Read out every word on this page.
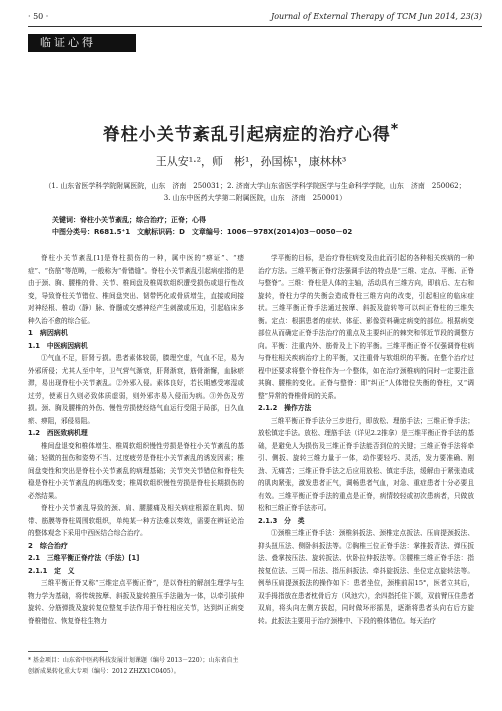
· 50 ·	Journal of External Therapy of TCM Jun 2014, 23(3)
临证心得
脊柱小关节紊乱引起病症的治疗心得*
王从安¹·²，师　彬¹，孙国栋¹，康林林³
（1. 山东省医学科学院附属医院，山东　济南　250031；2. 济南大学山东省医学科学院医学与生命科学学院，山东　济南　250062；
3. 山东中医药大学第二附属医院，山东　济南　250001）
关键词：脊柱小关节紊乱；综合治疗；正脊；心得
中图分类号：R681.5⁺1　文献标识码：D　文章编号：1006－978X(2014)03－0050－02

脊柱小关节紊乱[1]是脊柱损伤的一种，属中医的“痹证”、“痿症”、“伤筋”等范畴，一般称为“骨错缝”。脊柱小关节紊乱引起病症指的是由于颈、胸、腰椎的骨、关节、椎间盘及椎周软组织遭受损伤或退行性改变，导致脊柱关节错位、椎间盘突出、韧带钙化或骨质增生，直接或间接对神经根、椎动（静）脉、脊髓或交感神经产生刺激或压迫，引起临床多种久治不愈的综合征。

1　病因病机
1.1　中医病因病机

①气血不足，肝肾亏损。患者素体较弱，腠理空虚，气血不足，易为外邪所侵；尤其人至中年，卫气营气渐衰，肝肾渐衰，筋骨渐懈，血脉瘀滞，易出现脊柱小关节紊乱。②外邪入侵。素体良好，若长期感受寒湿或过劳，使素日久则必致体质虚弱，则外邪亦易入侵而为病。③外伤及劳损。颈、胸及腰椎的外伤、慢性劳损使经络气血运行受阻于局部，日久血瘀、痹阻，邪侵易阻。

1.2　西医致病机理

椎间盘退变和椎体增生、椎周软组织慢性劳损是脊柱小关节紊乱的基础；轻微的扭伤和姿势不当、过度疲劳是脊柱小关节紊乱的诱发因素；椎间盘变性和突出是脊柱小关节紊乱的病理基础；关节突关节错位和脊柱失稳是脊柱小关节紊乱的病理改变；椎周软组织慢性劳损是脊柱长期损伤的必然结果。

脊柱小关节紊乱导致的颈、肩、腰腿痛及相关病症根源在肌肉、韧带、筋膜等脊柱周围软组织，单纯某一种方法难以奏效，需要在辨证论治的整体观念下采用中西医结合综合治疗。

2　综合治疗
2.1　三维平衡正脊疗法（手法）[1]
2.1.1　定　义

三维平衡正脊又称“三维定点平衡正脊”，是以脊柱的解剖生理学与生物力学为基础，将传统按摩、斜扳及旋转推压手法融为一体，以牵引拔伸旋转、分筋弹拨及旋转复位整复手法作用于脊柱相应关节，达到纠正病变脊椎错位、恢复脊柱生物力

学平衡的目标，是治疗脊柱病变及由此而引起的各种相关疾病的一种治疗方法。三维平衡正脊疗法强调手法的特点是“三维、定点、平衡、正脊与整脊”。三维：脊柱是人体的主轴，活动具有三维方向，即前后、左右和旋转，脊柱力学的失衡会造成脊柱三维方向的改变，引起相应的临床症状。三维平衡正脊手法通过按摩、斜扳及旋转等可以纠正脊柱的三维失衡。定点：根据患者的症状、体征、影像资料确定病变的部位。根据病变部位从而确定正脊手法治疗的重点及主要纠正的棘突和邻近节段的调整方向。平衡：注重内外、筋骨及上下的平衡。三维平衡正脊不仅强调脊柱病与脊柱相关疾病治疗上的平衡，又注重骨与软组织的平衡。在整个治疗过程中还要求将整个脊柱作为一个整体，如在治疗颈椎病的同时一定要注意其胸、腰椎的变化。正脊与整脊：即“纠正”人体错位失衡的脊柱，又“调整”异常的脊椎骨间的关系。

2.1.2　操作方法

三维平衡正脊手法分三步进行，即放松、理筋手法；三维正脊手法；放松镇定手法。放松、理筋手法（详见2.2推拿）是三维平衡正脊手法的基础，是避免人为损伤及三维正脊手法能否到位的关键；三维正脊手法将牵引、侧扳、旋转三维力量于一体，动作要轻巧、灵活，发力要准确、刚劲、无痛苦；三维正脊手法之后应用放松、镇定手法，缓解由于紧张造成的肌肉紧张，激发患者正气，调畅患者气血，对急、重症患者十分必要且有效。三维平衡正脊手法的重点是正脊，病情较轻或初次患病者，只做放松和三维正脊手法亦可。

2.1.3　分　类

①颈椎三维正脊手法：颈椎斜扳法、颈椎定点扳法、压肩提颈扳法、抑头扭压法、侧卧斜扳法等。②胸椎三位正脊手法：掌推扳背法、弹压扳法、叠掌按压法、旋转扳法、伏卧拉伸扳法等。③腰椎三维正脊手法：指按复位法、三周一吊法、指压斜扳法、牵抖旋扳法、坐位定点旋转法等。例举压肩提颈扳法的操作如下：患者坐位，颈椎前屈15°，医者立其后，双手拇指放在患者枕骨后方（风池穴），余四指托住下颌，双前臂压住患者双肩，将头向左侧方拔起，同时做环形摇晃，逐渐将患者头向右后方旋转。此扳法主要用于治疗颈椎中、下段的椎体错位。每天治疗

* 基金项目：山东省中医药科技发展计划课题（编号 2013－220）；山东省自主创新成果转化重大专项（编号：2012 ZHZX1C0405）。
